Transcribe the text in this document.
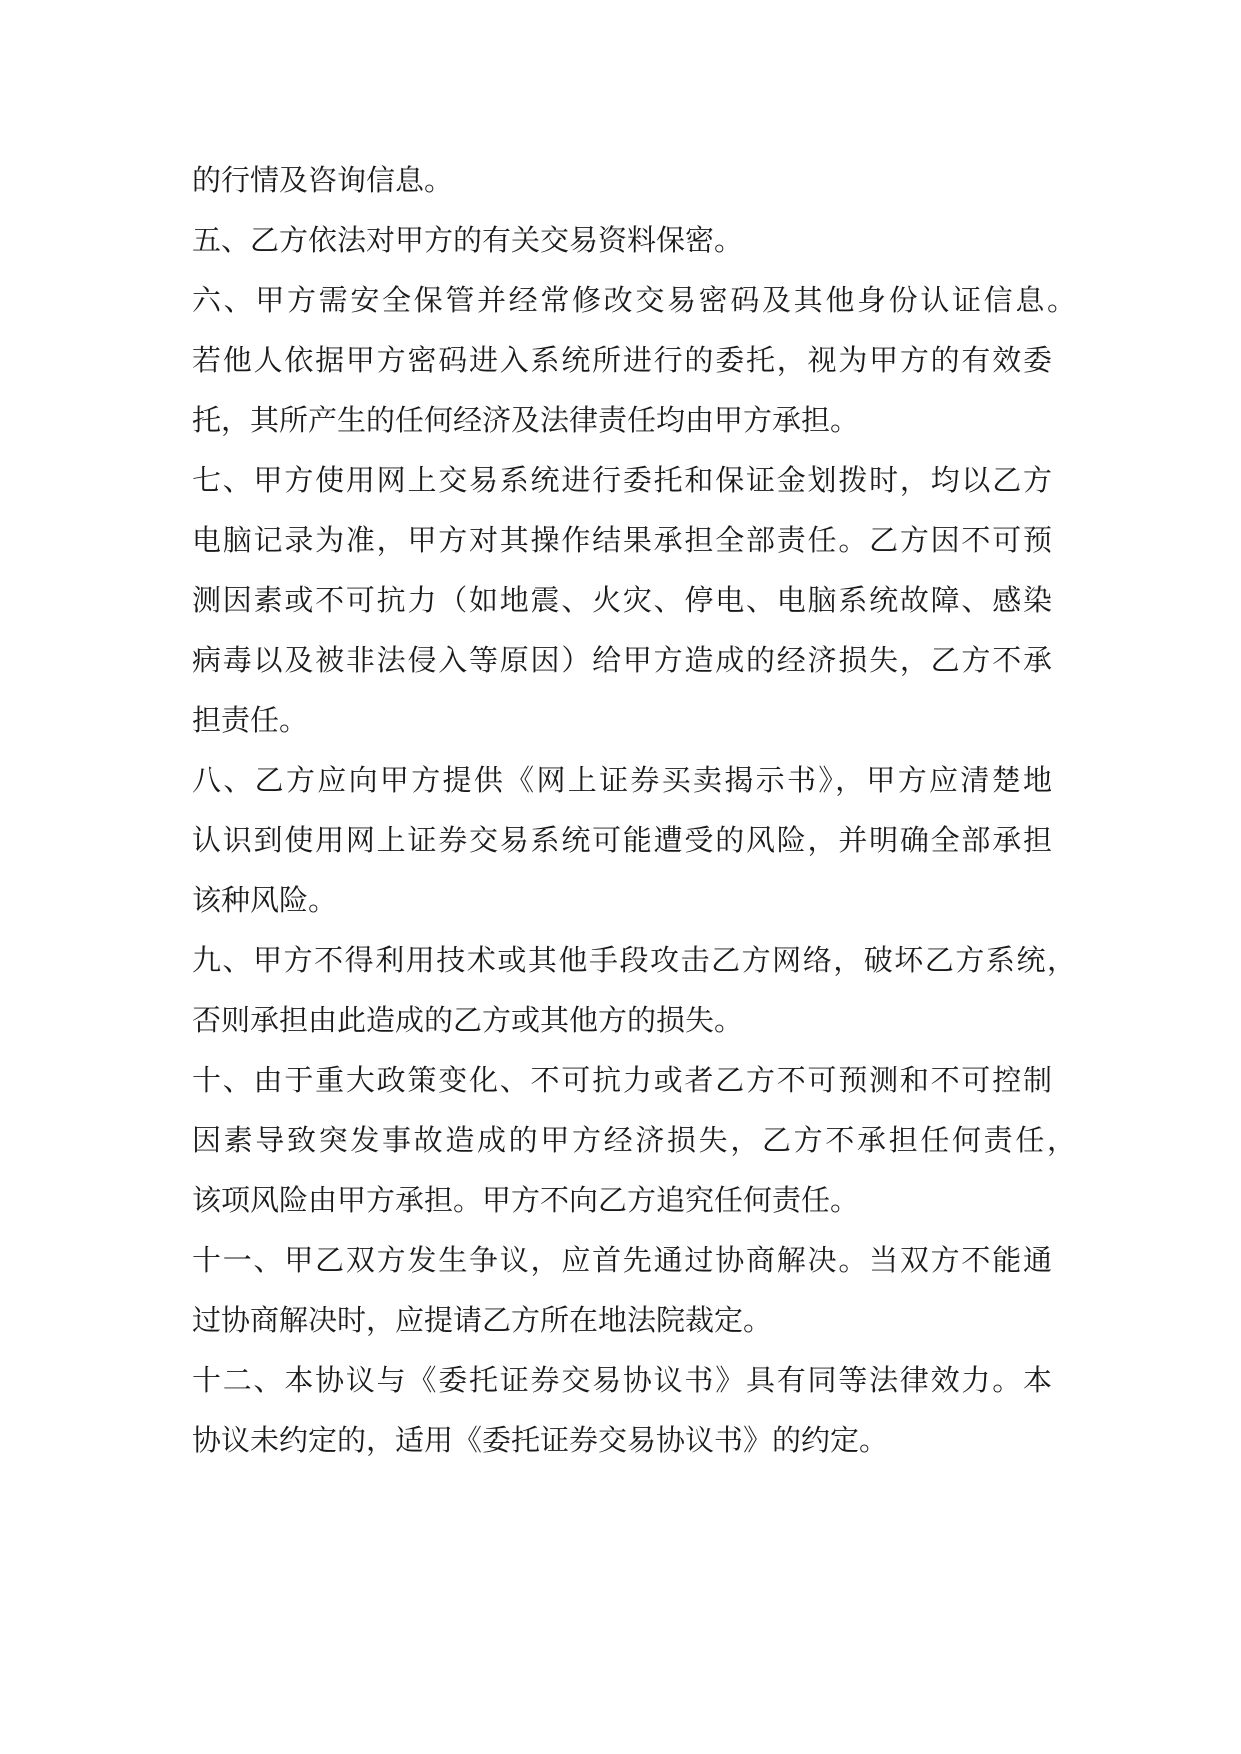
的行情及咨询信息。
五、乙方依法对甲方的有关交易资料保密。
六、甲方需安全保管并经常修改交易密码及其他身份认证信息。
若他人依据甲方密码进入系统所进行的委托，视为甲方的有效委
托，其所产生的任何经济及法律责任均由甲方承担。
七、甲方使用网上交易系统进行委托和保证金划拨时，均以乙方
电脑记录为准，甲方对其操作结果承担全部责任。乙方因不可预
测因素或不可抗力（如地震、火灾、停电、电脑系统故障、感染
病毒以及被非法侵入等原因）给甲方造成的经济损失，乙方不承
担责任。
八、乙方应向甲方提供《网上证券买卖揭示书》，甲方应清楚地
认识到使用网上证券交易系统可能遭受的风险，并明确全部承担
该种风险。
九、甲方不得利用技术或其他手段攻击乙方网络，破坏乙方系统，
否则承担由此造成的乙方或其他方的损失。
十、由于重大政策变化、不可抗力或者乙方不可预测和不可控制
因素导致突发事故造成的甲方经济损失，乙方不承担任何责任，
该项风险由甲方承担。甲方不向乙方追究任何责任。
十一、甲乙双方发生争议，应首先通过协商解决。当双方不能通
过协商解决时，应提请乙方所在地法院裁定。
十二、本协议与《委托证券交易协议书》具有同等法律效力。本
协议未约定的，适用《委托证券交易协议书》的约定。
